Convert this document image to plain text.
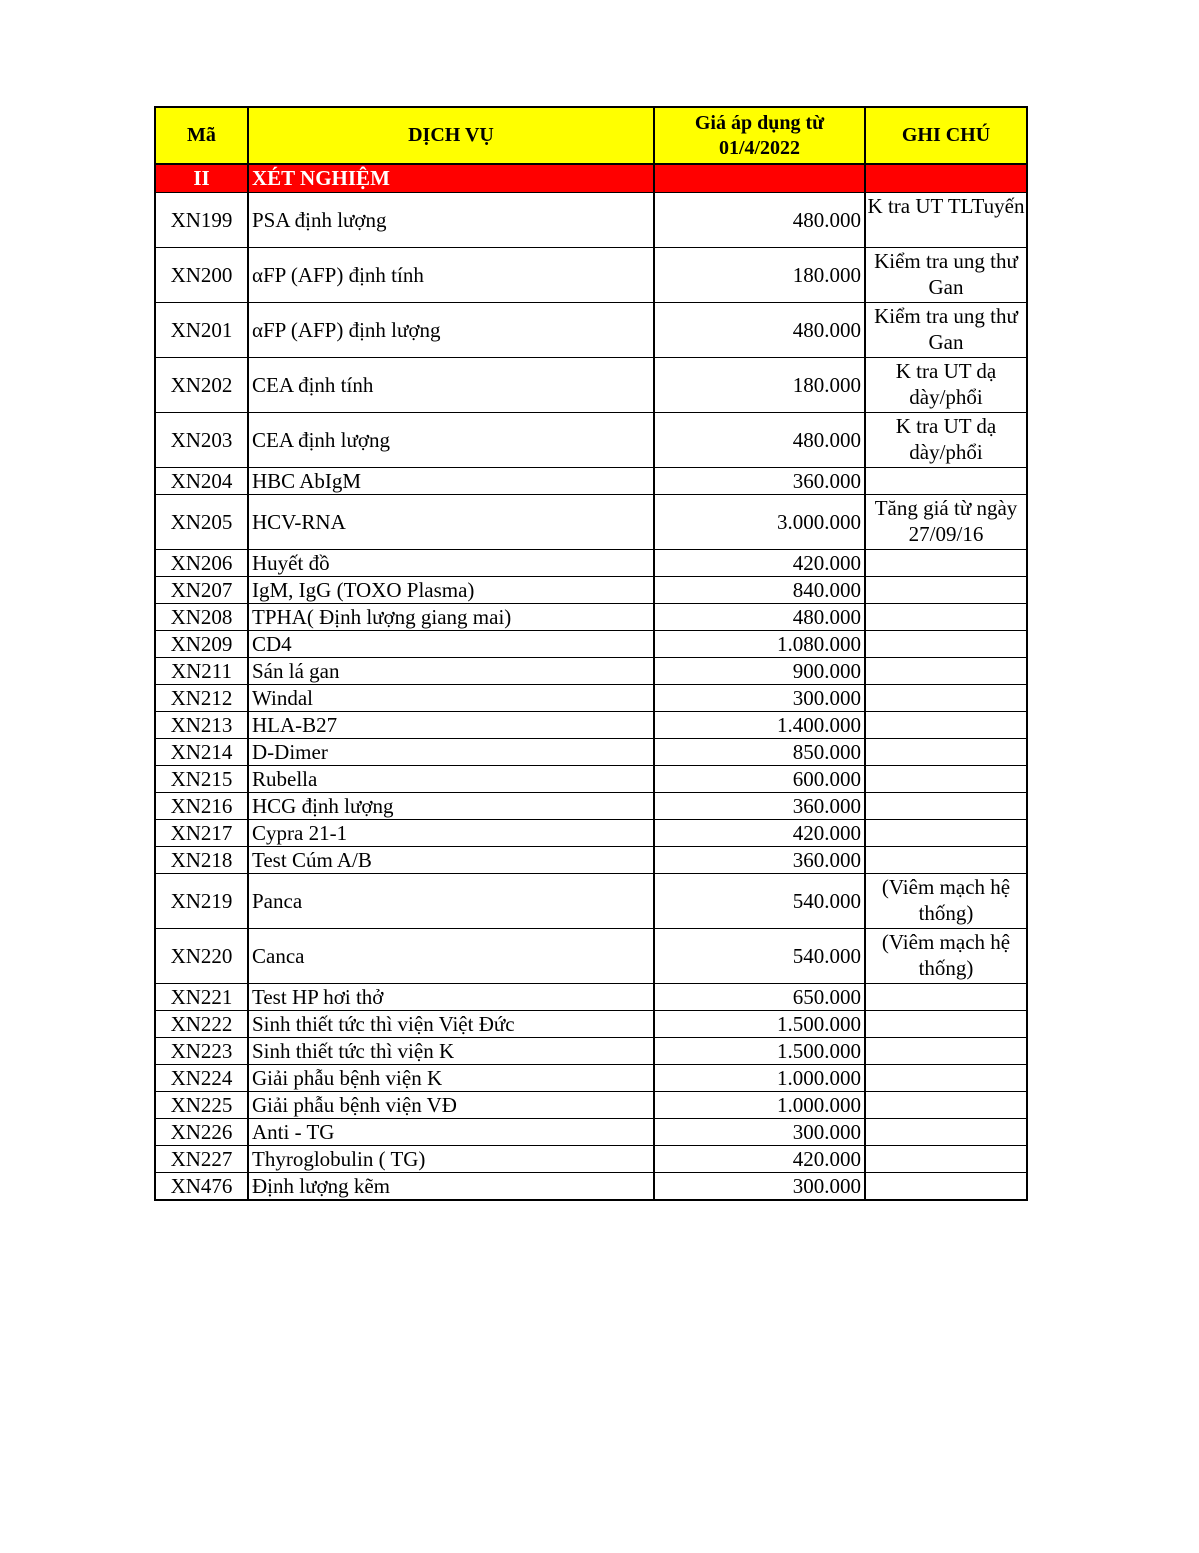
Mã	DỊCH VỤ	Giá áp dụng từ 01/4/2022	GHI CHÚ
II	XÉT NGHIỆM		
XN199	PSA định lượng	480.000	K tra UT TLTuyến
XN200	αFP (AFP) định tính	180.000	Kiểm tra ung thư Gan
XN201	αFP (AFP) định lượng	480.000	Kiểm tra ung thư Gan
XN202	CEA định tính	180.000	K tra UT dạ dày/phổi
XN203	CEA định lượng	480.000	K tra UT dạ dày/phổi
XN204	HBC AbIgM	360.000	
XN205	HCV-RNA	3.000.000	Tăng giá từ ngày 27/09/16
XN206	Huyết đồ	420.000	
XN207	IgM, IgG (TOXO Plasma)	840.000	
XN208	TPHA( Định lượng giang mai)	480.000	
XN209	CD4	1.080.000	
XN211	Sán lá gan	900.000	
XN212	Windal	300.000	
XN213	HLA-B27	1.400.000	
XN214	D-Dimer	850.000	
XN215	Rubella	600.000	
XN216	HCG định lượng	360.000	
XN217	Cypra 21-1	420.000	
XN218	Test Cúm A/B	360.000	
XN219	Panca	540.000	(Viêm mạch hệ thống)
XN220	Canca	540.000	(Viêm mạch hệ thống)
XN221	Test HP hơi thở	650.000	
XN222	Sinh thiết tức thì viện Việt Đức	1.500.000	
XN223	Sinh thiết tức thì viện K	1.500.000	
XN224	Giải phẫu bệnh viện K	1.000.000	
XN225	Giải phẫu bệnh viện VĐ	1.000.000	
XN226	Anti - TG	300.000	
XN227	Thyroglobulin ( TG)	420.000	
XN476	Định lượng kẽm	300.000	
